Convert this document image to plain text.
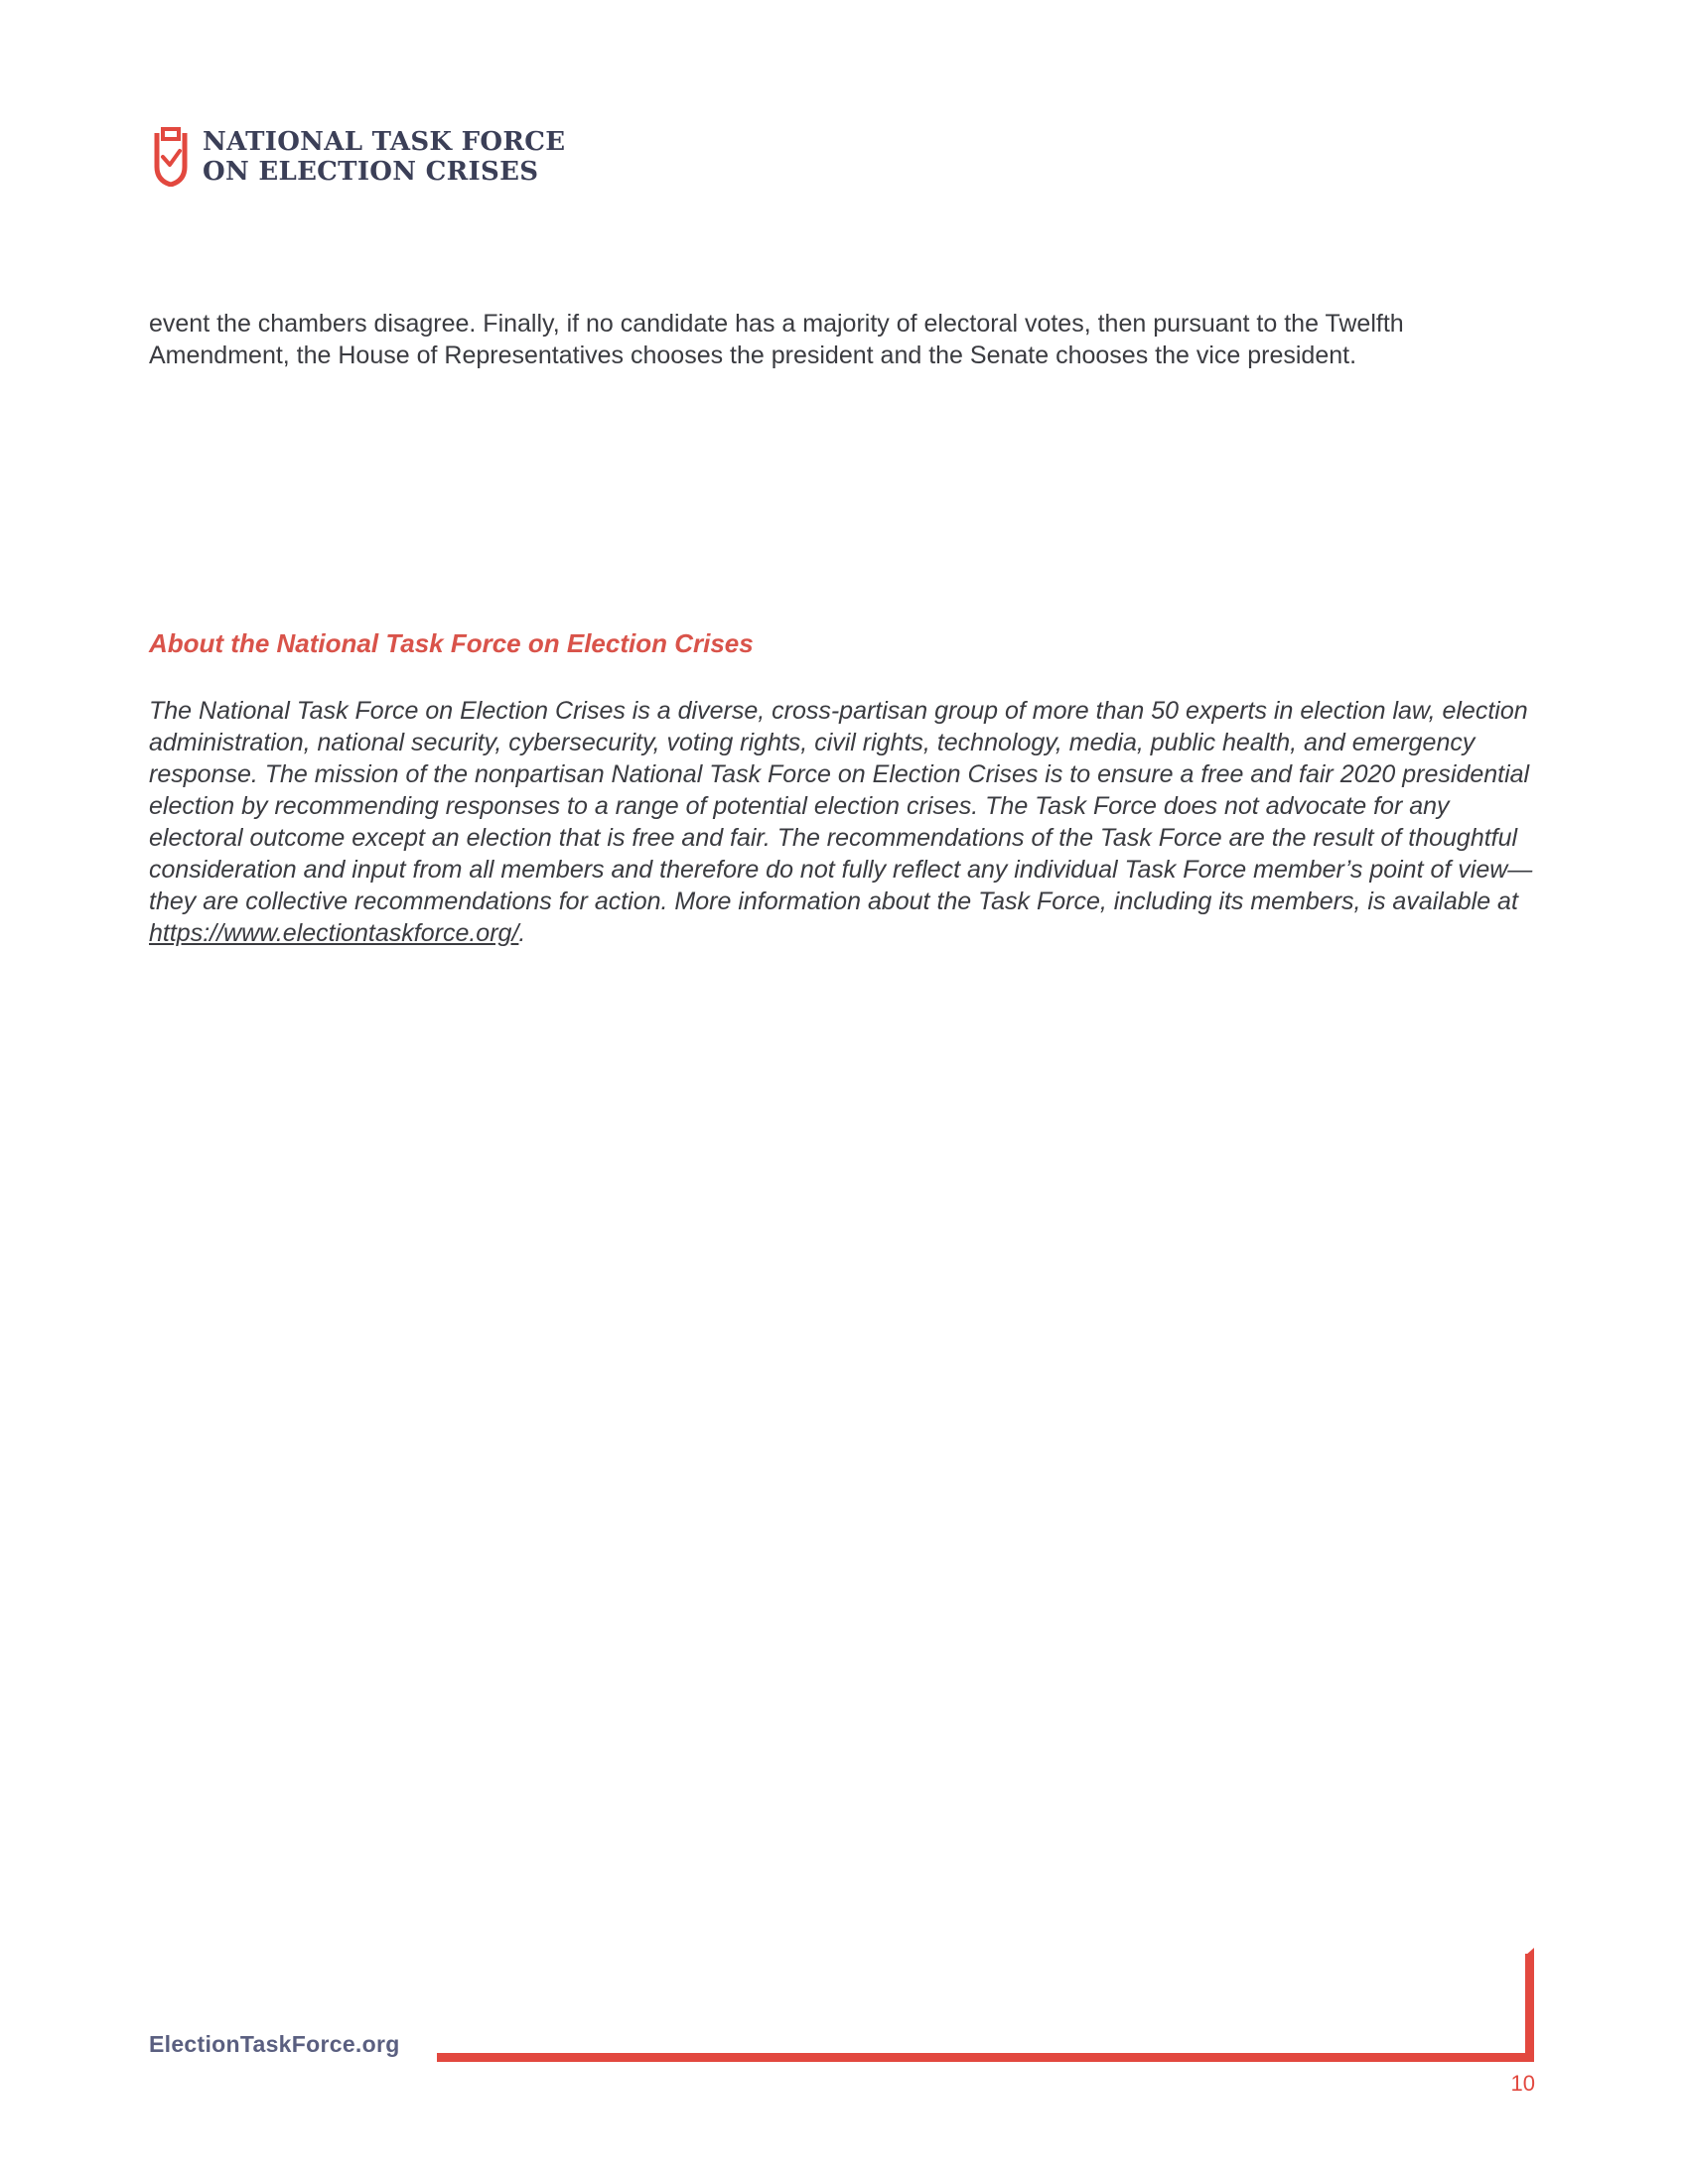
NATIONAL TASK FORCE
ON ELECTION CRISES

event the chambers disagree. Finally, if no candidate has a majority of electoral votes, then pursuant to the Twelfth Amendment, the House of Representatives chooses the president and the Senate chooses the vice president.

About the National Task Force on Election Crises

The National Task Force on Election Crises is a diverse, cross-partisan group of more than 50 experts in election law, election administration, national security, cybersecurity, voting rights, civil rights, technology, media, public health, and emergency response. The mission of the nonpartisan National Task Force on Election Crises is to ensure a free and fair 2020 presidential election by recommending responses to a range of potential election crises. The Task Force does not advocate for any electoral outcome except an election that is free and fair. The recommendations of the Task Force are the result of thoughtful consideration and input from all members and therefore do not fully reflect any individual Task Force member’s point of view—they are collective recommendations for action. More information about the Task Force, including its members, is available at https://www.electiontaskforce.org/.

ElectionTaskForce.org
10
